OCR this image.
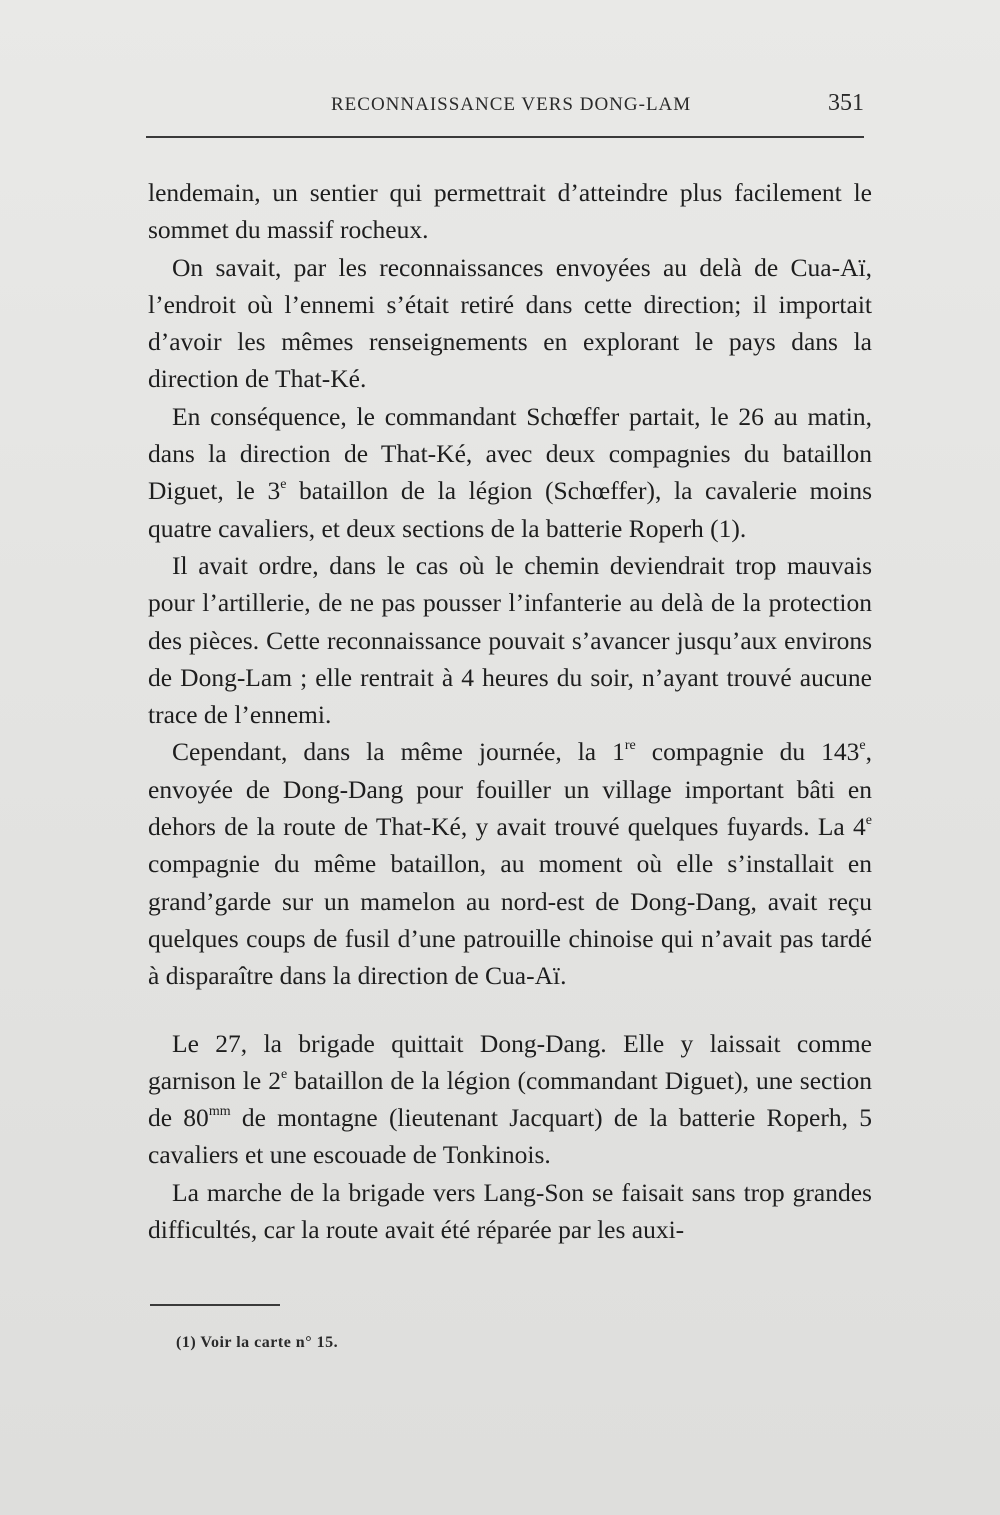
RECONNAISSANCE VERS DONG-LAM	351

lendemain, un sentier qui permettrait d’atteindre plus facilement le sommet du massif rocheux.

On savait, par les reconnaissances envoyées au delà de Cua-Aï, l’endroit où l’ennemi s’était retiré dans cette direction; il importait d’avoir les mêmes renseignements en explorant le pays dans la direction de That-Ké.

En conséquence, le commandant Schœffer partait, le 26 au matin, dans la direction de That-Ké, avec deux compagnies du bataillon Diguet, le 3e bataillon de la légion (Schœffer), la cavalerie moins quatre cavaliers, et deux sections de la batterie Roperh (1).

Il avait ordre, dans le cas où le chemin deviendrait trop mauvais pour l’artillerie, de ne pas pousser l’infanterie au delà de la protection des pièces. Cette reconnaissance pouvait s’avancer jusqu’aux environs de Dong-Lam ; elle rentrait à 4 heures du soir, n’ayant trouvé aucune trace de l’ennemi.

Cependant, dans la même journée, la 1re compagnie du 143e, envoyée de Dong-Dang pour fouiller un village important bâti en dehors de la route de That-Ké, y avait trouvé quelques fuyards. La 4e compagnie du même bataillon, au moment où elle s’installait en grand’garde sur un mamelon au nord-est de Dong-Dang, avait reçu quelques coups de fusil d’une patrouille chinoise qui n’avait pas tardé à disparaître dans la direction de Cua-Aï.

Le 27, la brigade quittait Dong-Dang. Elle y laissait comme garnison le 2e bataillon de la légion (commandant Diguet), une section de $80^{mm}$ de montagne (lieutenant Jacquart) de la batterie Roperh, 5 cavaliers et une escouade de Tonkinois.

La marche de la brigade vers Lang-Son se faisait sans trop grandes difficultés, car la route avait été réparée par les auxi-

(1) Voir la carte n° 15.
